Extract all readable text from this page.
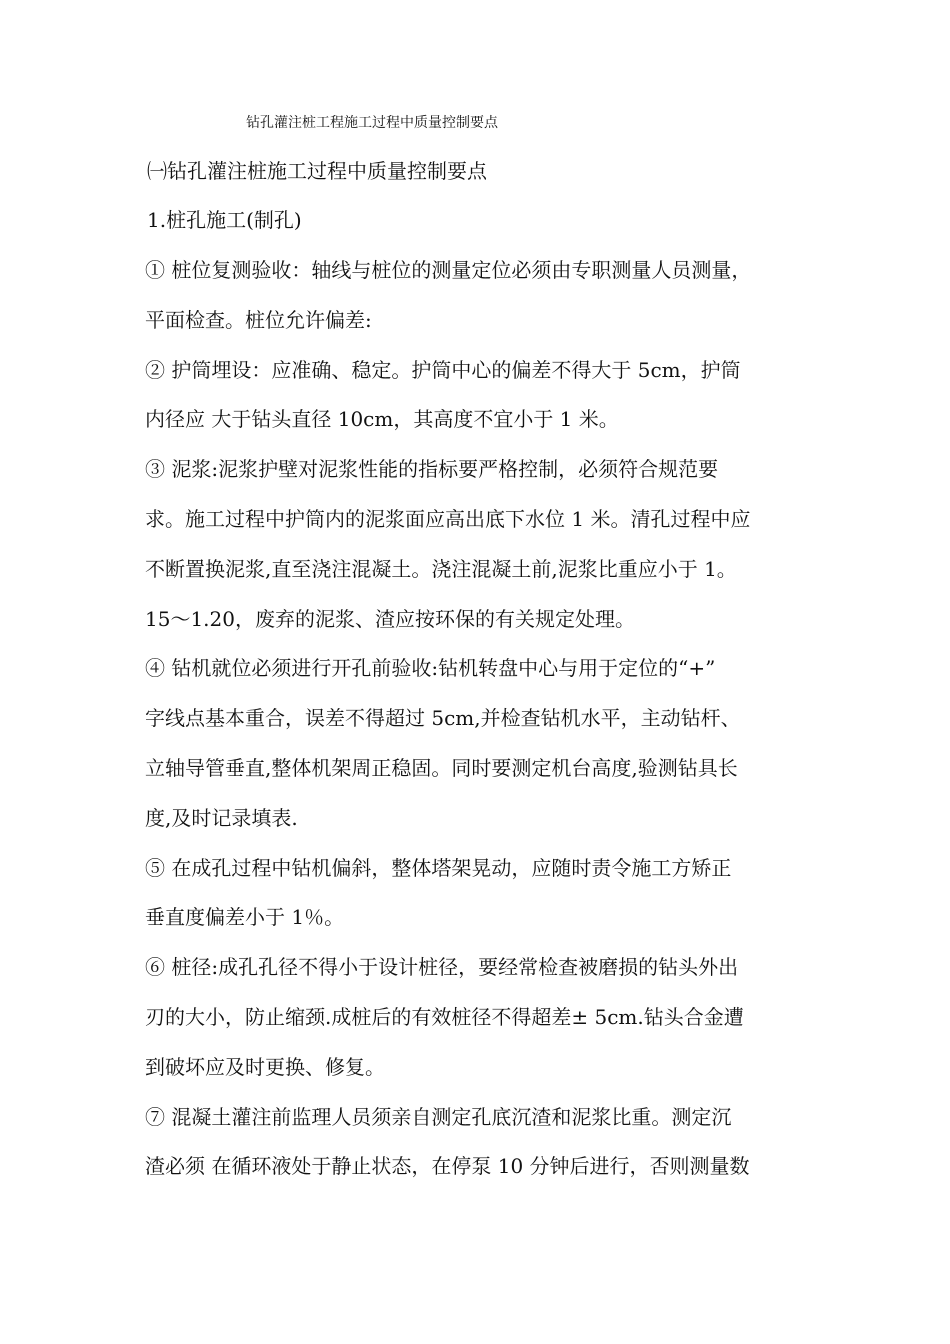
钻孔灌注桩工程施工过程中质量控制要点
㈠钻孔灌注桩施工过程中质量控制要点
1.桩孔施工(制孔)
① 桩位复测验收：轴线与桩位的测量定位必须由专职测量人员测量，
平面检查。桩位允许偏差:
② 护筒埋设：应准确、稳定。护筒中心的偏差不得大于 5cm，护筒
内径应 大于钻头直径 10cm，其高度不宜小于 1 米。
③ 泥浆:泥浆护壁对泥浆性能的指标要严格控制，必须符合规范要
求。施工过程中护筒内的泥浆面应高出底下水位 1 米。清孔过程中应
不断置换泥浆,直至浇注混凝土。浇注混凝土前,泥浆比重应小于 1。
15～1.20，废弃的泥浆、渣应按环保的有关规定处理。
④ 钻机就位必须进行开孔前验收:钻机转盘中心与用于定位的“+”
字线点基本重合，误差不得超过 5cm,并检查钻机水平，主动钻杆、
立轴导管垂直,整体机架周正稳固。同时要测定机台高度,验测钻具长
度,及时记录填表.
⑤ 在成孔过程中钻机偏斜，整体塔架晃动，应随时责令施工方矫正
垂直度偏差小于 1％。
⑥ 桩径:成孔孔径不得小于设计桩径，要经常检查被磨损的钻头外出
刃的大小，防止缩颈.成桩后的有效桩径不得超差± 5cm.钻头合金遭
到破坏应及时更换、修复。
⑦ 混凝土灌注前监理人员须亲自测定孔底沉渣和泥浆比重。测定沉
渣必须 在循环液处于静止状态，在停泵 10 分钟后进行，否则测量数
